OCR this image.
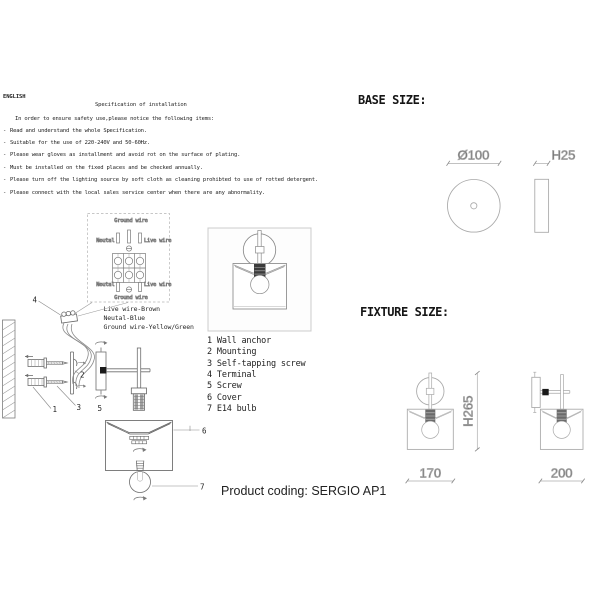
Ground wire
Neutal	Live wire
Neutal	Live wire
Ground wire
Live wire-Brown
Neutal-Blue
Ground wire-Yellow/Green
4
1	3
2
5
6
7
Ø100	H25
H265
170	200
ENGLISH
Specification of installation
In order to ensure safety use,please notice the following items:
- Read and understand the whole Specification.
- Suitable for the use of 220-240V and 50-60Hz.
- Please wear gloves as installment and avoid rot on the surface of plating.
- Must be installed on the fixed places and be checked annually.
- Please turn off the lighting source by soft cloth as cleaning prohibted to use of rotted detergent.
- Please connect with the local sales service center when there are any abnormality.
1 Wall anchor
2 Mounting
3 Self-tapping screw
4 Terminal
5 Screw
6 Cover
7 E14 bulb
Product coding: SERGIO AP1
BASE SIZE:
FIXTURE SIZE:
